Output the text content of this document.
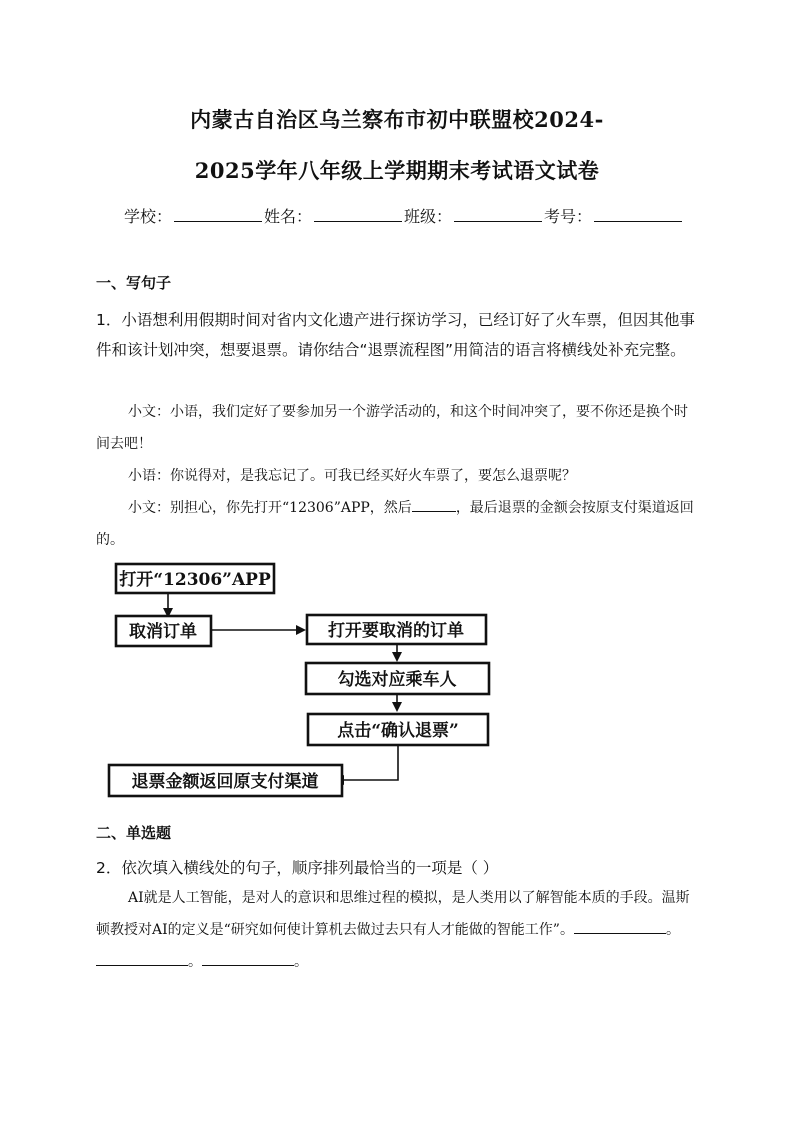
内蒙古自治区乌兰察布市初中联盟校2024-
2025学年八年级上学期期末考试语文试卷
学校：	姓名：	班级：	考号：
一、写句子
1．小语想利用假期时间对省内文化遗产进行探访学习，已经订好了火车票，但因其他事件和该计划冲突，想要退票。请你结合“退票流程图”用简洁的语言将横线处补充完整。
小文：小语，我们定好了要参加另一个游学活动的，和这个时间冲突了，要不你还是换个时间去吧！
小语：你说得对，是我忘记了。可我已经买好火车票了，要怎么退票呢？
小文：别担心，你先打开“12306”APP，然后	，最后退票的金额会按原支付渠道返回的。
打开“12306”APP
取消订单	打开要取消的订单
勾选对应乘车人
点击“确认退票”
退票金额返回原支付渠道
二、单选题
2．依次填入横线处的句子，顺序排列最恰当的一项是（ ）
AI就是人工智能，是对人的意识和思维过程的模拟，是人类用以了解智能本质的手段。温斯顿教授对AI的定义是“研究如何使计算机去做过去只有人才能做的智能工作”。	。。	。
